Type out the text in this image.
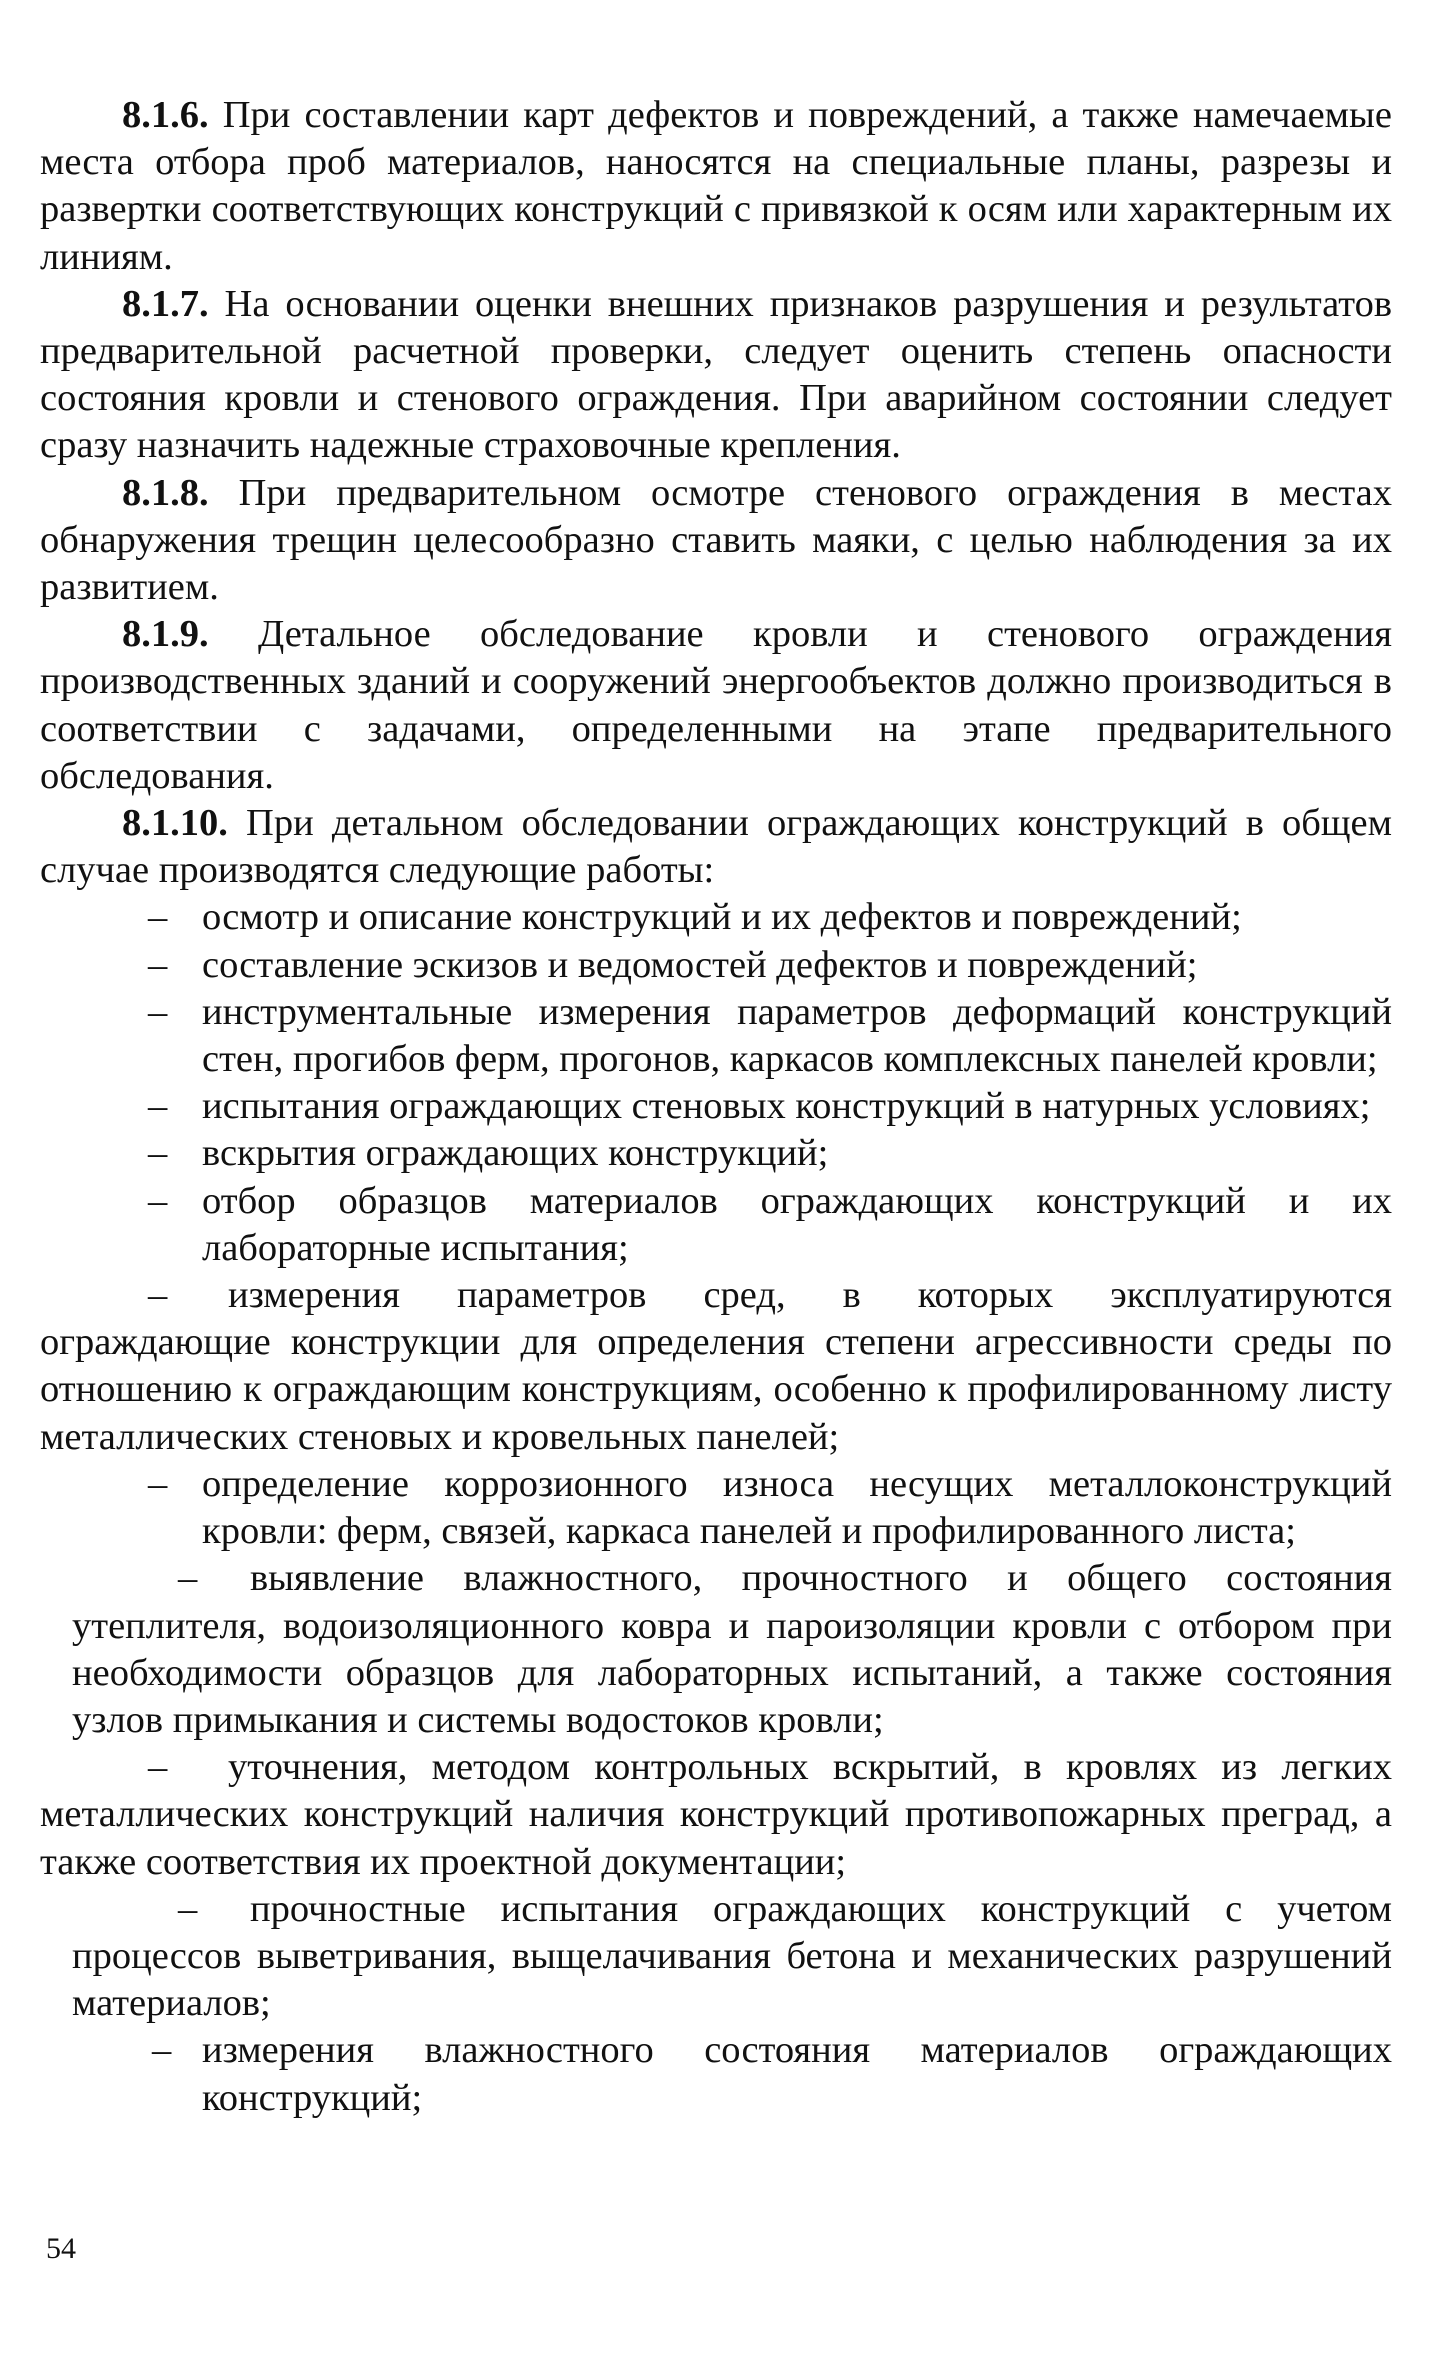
8.1.6. При составлении карт дефектов и повреждений, а также намечаемые места отбора проб материалов, наносятся на специальные планы, разрезы и развертки соответствующих конструкций с привязкой к осям или характерным их линиям.

8.1.7. На основании оценки внешних признаков разрушения и результатов предварительной расчетной проверки, следует оценить степень опасности состояния кровли и стенового ограждения. При аварийном состоянии следует сразу назначить надежные страховочные крепления.

8.1.8. При предварительном осмотре стенового ограждения в местах обнаружения трещин целесообразно ставить маяки, с целью наблюдения за их развитием.

8.1.9. Детальное обследование кровли и стенового ограждения производственных зданий и сооружений энергообъектов должно производиться в соответствии с задачами, определенными на этапе предварительного обследования.

8.1.10. При детальном обследовании ограждающих конструкций в общем случае производятся следующие работы:

– осмотр и описание конструкций и их дефектов и повреждений;

– составление эскизов и ведомостей дефектов и повреждений;

– инструментальные измерения параметров деформаций конструкций стен, прогибов ферм, прогонов, каркасов комплексных панелей кровли;

– испытания ограждающих стеновых конструкций в натурных условиях;

– вскрытия ограждающих конструкций;

– отбор образцов материалов ограждающих конструкций и их лабораторные испытания;

– измерения параметров сред, в которых эксплуатируются ограждающие конструкции для определения степени агрессивности среды по отношению к ограждающим конструкциям, особенно к профилированному листу металлических стеновых и кровельных панелей;

– определение коррозионного износа несущих металлоконструкций кровли: ферм, связей, каркаса панелей и профилированного листа;

– выявление влажностного, прочностного и общего состояния утеплителя, водоизоляционного ковра и пароизоляции кровли с отбором при необходимости образцов для лабораторных испытаний, а также состояния узлов примыкания и системы водостоков кровли;

– уточнения, методом контрольных вскрытий, в кровлях из легких металлических конструкций наличия конструкций противопожарных преград, а также соответствия их проектной документации;

– прочностные испытания ограждающих конструкций с учетом процессов выветривания, выщелачивания бетона и механических разрушений материалов;

– измерения влажностного состояния материалов ограждающих конструкций;

54
